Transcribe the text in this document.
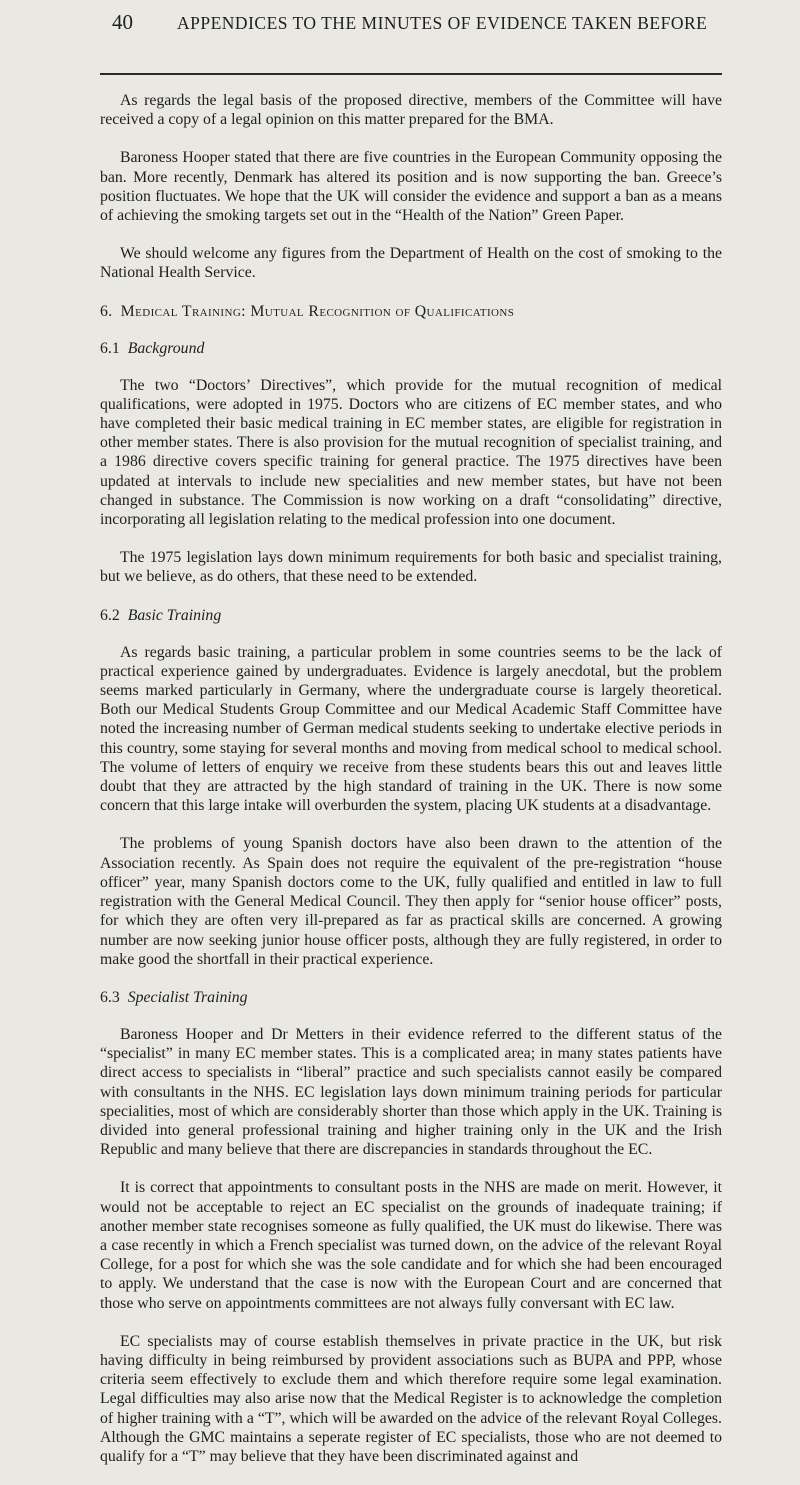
40	APPENDICES TO THE MINUTES OF EVIDENCE TAKEN BEFORE

As regards the legal basis of the proposed directive, members of the Committee will have received a copy of a legal opinion on this matter prepared for the BMA.

Baroness Hooper stated that there are five countries in the European Community opposing the ban. More recently, Denmark has altered its position and is now supporting the ban. Greece’s position fluctuates. We hope that the UK will consider the evidence and support a ban as a means of achieving the smoking targets set out in the “Health of the Nation” Green Paper.

We should welcome any figures from the Department of Health on the cost of smoking to the National Health Service.

6. Medical Training: Mutual Recognition of Qualifications
6.1 Background

The two “Doctors’ Directives”, which provide for the mutual recognition of medical qualifications, were adopted in 1975. Doctors who are citizens of EC member states, and who have completed their basic medical training in EC member states, are eligible for registration in other member states. There is also provision for the mutual recognition of specialist training, and a 1986 directive covers specific training for general practice. The 1975 directives have been updated at intervals to include new specialities and new member states, but have not been changed in substance. The Commission is now working on a draft “consolidating” directive, incorporating all legislation relating to the medical profession into one document.

The 1975 legislation lays down minimum requirements for both basic and specialist training, but we believe, as do others, that these need to be extended.

6.2 Basic Training

As regards basic training, a particular problem in some countries seems to be the lack of practical experience gained by undergraduates. Evidence is largely anecdotal, but the problem seems marked particularly in Germany, where the undergraduate course is largely theoretical. Both our Medical Students Group Committee and our Medical Academic Staff Committee have noted the increasing number of German medical students seeking to undertake elective periods in this country, some staying for several months and moving from medical school to medical school. The volume of letters of enquiry we receive from these students bears this out and leaves little doubt that they are attracted by the high standard of training in the UK. There is now some concern that this large intake will overburden the system, placing UK students at a disadvantage.

The problems of young Spanish doctors have also been drawn to the attention of the Association recently. As Spain does not require the equivalent of the pre-registration “house officer” year, many Spanish doctors come to the UK, fully qualified and entitled in law to full registration with the General Medical Council. They then apply for “senior house officer” posts, for which they are often very ill-prepared as far as practical skills are concerned. A growing number are now seeking junior house officer posts, although they are fully registered, in order to make good the shortfall in their practical experience.

6.3 Specialist Training

Baroness Hooper and Dr Metters in their evidence referred to the different status of the “specialist” in many EC member states. This is a complicated area; in many states patients have direct access to specialists in “liberal” practice and such specialists cannot easily be compared with consultants in the NHS. EC legislation lays down minimum training periods for particular specialities, most of which are considerably shorter than those which apply in the UK. Training is divided into general professional training and higher training only in the UK and the Irish Republic and many believe that there are discrepancies in standards throughout the EC.

It is correct that appointments to consultant posts in the NHS are made on merit. However, it would not be acceptable to reject an EC specialist on the grounds of inadequate training; if another member state recognises someone as fully qualified, the UK must do likewise. There was a case recently in which a French specialist was turned down, on the advice of the relevant Royal College, for a post for which she was the sole candidate and for which she had been encouraged to apply. We understand that the case is now with the European Court and are concerned that those who serve on appointments committees are not always fully conversant with EC law.

EC specialists may of course establish themselves in private practice in the UK, but risk having difficulty in being reimbursed by provident associations such as BUPA and PPP, whose criteria seem effectively to exclude them and which therefore require some legal examination. Legal difficulties may also arise now that the Medical Register is to acknowledge the completion of higher training with a “T”, which will be awarded on the advice of the relevant Royal Colleges. Although the GMC maintains a seperate register of EC specialists, those who are not deemed to qualify for a “T” may believe that they have been discriminated against and
